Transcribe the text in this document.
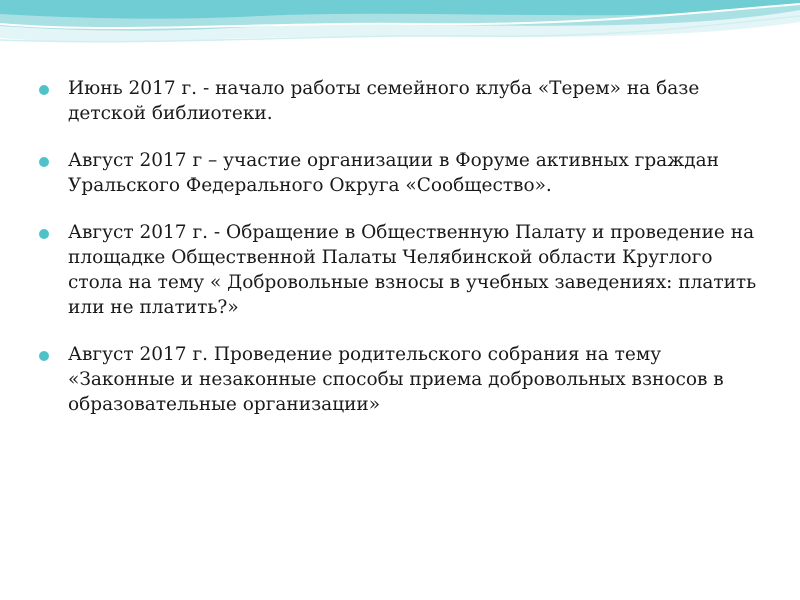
Июнь 2017 г. - начало работы семейного клуба «Терем» на базе детской библиотеки.
Август 2017 г – участие организации в Форуме активных граждан Уральского Федерального Округа «Сообщество».
Август 2017 г. - Обращение в Общественную Палату и проведение на площадке Общественной Палаты Челябинской области Круглого стола на тему « Добровольные взносы в учебных заведениях: платить или не платить?»
Август 2017 г. Проведение родительского собрания на тему «Законные и незаконные способы приема добровольных взносов в образовательные организации»
